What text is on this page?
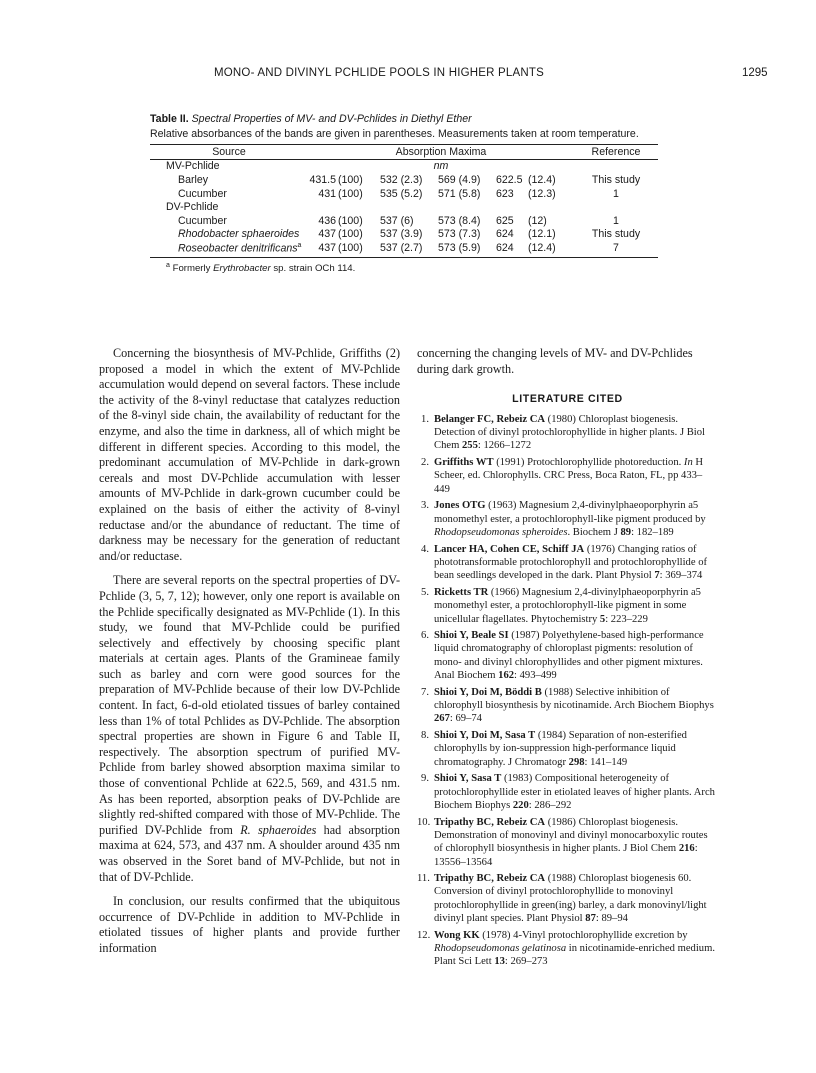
MONO- AND DIVINYL PCHLIDE POOLS IN HIGHER PLANTS	1295
Table II. Spectral Properties of MV- and DV-Pchlides in Diethyl Ether
Relative absorbances of the bands are given in parentheses. Measurements taken at room temperature.
Source	Absorption Maxima						Reference

MV-Pchlide	nm						
Barley	431.5	(100)	532 (2.3)	569 (4.9)	622.5	(12.4)	This study
Cucumber	431	(100)	535 (5.2)	571 (5.8)	623	(12.3)	1
DV-Pchlide							
Cucumber	436	(100)	537 (6)	573 (8.4)	625	(12)	1
Rhodobacter sphaeroides	437	(100)	537 (3.9)	573 (7.3)	624	(12.1)	This study
Roseobacter denitrificans$^a$	437	(100)	537 (2.7)	573 (5.9)	624	(12.4)	7
$^a$ Formerly Erythrobacter sp. strain OCh 114.

Concerning the biosynthesis of MV-Pchlide, Griffiths (2) proposed a model in which the extent of MV-Pchlide accumulation would depend on several factors. These include the activity of the 8-vinyl reductase that catalyzes reduction of the 8-vinyl side chain, the availability of reductant for the enzyme, and also the time in darkness, all of which might be different in different species. According to this model, the predominant accumulation of MV-Pchlide in dark-grown cereals and most DV-Pchlide accumulation with lesser amounts of MV-Pchlide in dark-grown cucumber could be explained on the basis of either the activity of 8-vinyl reductase and/or the abundance of reductant. The time of darkness may be necessary for the generation of reductant and/or reductase.

There are several reports on the spectral properties of DV-Pchlide (3, 5, 7, 12); however, only one report is available on the Pchlide specifically designated as MV-Pchlide (1). In this study, we found that MV-Pchlide could be purified selectively and effectively by choosing specific plant materials at certain ages. Plants of the Gramineae family such as barley and corn were good sources for the preparation of MV-Pchlide because of their low DV-Pchlide content. In fact, 6-d-old etiolated tissues of barley contained less than 1% of total Pchlides as DV-Pchlide. The absorption spectral properties are shown in Figure 6 and Table II, respectively. The absorption spectrum of purified MV-Pchlide from barley showed absorption maxima similar to those of conventional Pchlide at 622.5, 569, and 431.5 nm. As has been reported, absorption peaks of DV-Pchlide are slightly red-shifted compared with those of MV-Pchlide. The purified DV-Pchlide from R. sphaeroides had absorption maxima at 624, 573, and 437 nm. A shoulder around 435 nm was observed in the Soret band of MV-Pchlide, but not in that of DV-Pchlide.

In conclusion, our results confirmed that the ubiquitous occurrence of DV-Pchlide in addition to MV-Pchlide in etiolated tissues of higher plants and provide further information

concerning the changing levels of MV- and DV-Pchlides during dark growth.

LITERATURE CITED
1. Belanger FC, Rebeiz CA (1980) Chloroplast biogenesis. Detection of divinyl protochlorophyllide in higher plants. J Biol Chem 255: 1266–1272
2. Griffiths WT (1991) Protochlorophyllide photoreduction. In H Scheer, ed. Chlorophylls. CRC Press, Boca Raton, FL, pp 433–449
3. Jones OTG (1963) Magnesium 2,4-divinylphaeoporphyrin a5 monomethyl ester, a protochlorophyll-like pigment produced by Rhodopseudomonas spheroides. Biochem J 89: 182–189
4. Lancer HA, Cohen CE, Schiff JA (1976) Changing ratios of phototransformable protochlorophyll and protochlorophyllide of bean seedlings developed in the dark. Plant Physiol 7: 369–374
5. Ricketts TR (1966) Magnesium 2,4-divinylphaeoporphyrin a5 monomethyl ester, a protochlorophyll-like pigment in some unicellular flagellates. Phytochemistry 5: 223–229
6. Shioi Y, Beale SI (1987) Polyethylene-based high-performance liquid chromatography of chloroplast pigments: resolution of mono- and divinyl chlorophyllides and other pigment mixtures. Anal Biochem 162: 493–499
7. Shioi Y, Doi M, Böddi B (1988) Selective inhibition of chlorophyll biosynthesis by nicotinamide. Arch Biochem Biophys 267: 69–74
8. Shioi Y, Doi M, Sasa T (1984) Separation of non-esterified chlorophylls by ion-suppression high-performance liquid chromatography. J Chromatogr 298: 141–149
9. Shioi Y, Sasa T (1983) Compositional heterogeneity of protochlorophyllide ester in etiolated leaves of higher plants. Arch Biochem Biophys 220: 286–292
10. Tripathy BC, Rebeiz CA (1986) Chloroplast biogenesis. Demonstration of monovinyl and divinyl monocarboxylic routes of chlorophyll biosynthesis in higher plants. J Biol Chem 216: 13556–13564
11. Tripathy BC, Rebeiz CA (1988) Chloroplast biogenesis 60. Conversion of divinyl protochlorophyllide to monovinyl protochlorophyllide in green(ing) barley, a dark monovinyl/light divinyl plant species. Plant Physiol 87: 89–94
12. Wong KK (1978) 4-Vinyl protochlorophyllide excretion by Rhodopseudomonas gelatinosa in nicotinamide-enriched medium. Plant Sci Lett 13: 269–273
